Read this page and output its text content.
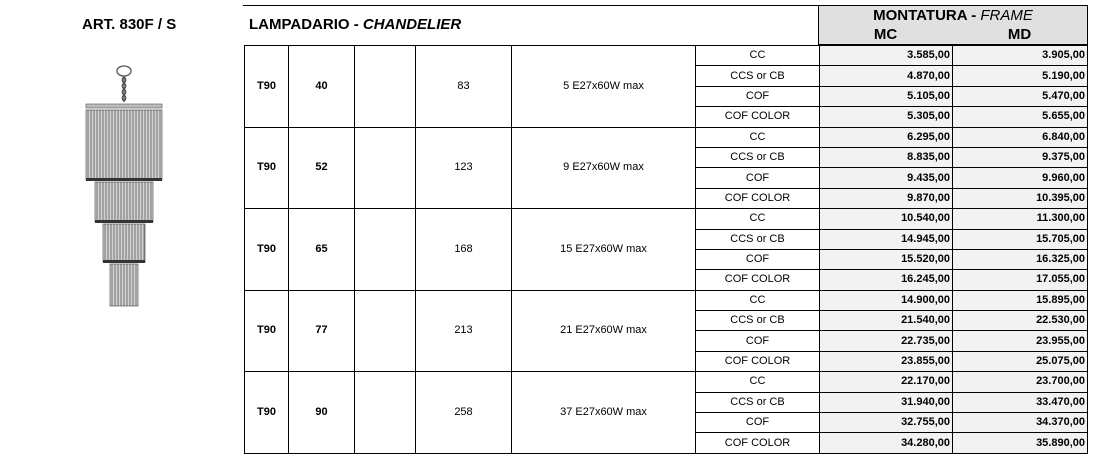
ART. 830F / S	LAMPADARIO - CHANDELIER
MONTATURA - FRAME
MC	MD
T90	40		83	5 E27x60W max	CC	3.585,00	3.905,00
					CCS or CB	4.870,00	5.190,00
					COF	5.105,00	5.470,00
					COF COLOR	5.305,00	5.655,00
T90	52		123	9 E27x60W max	CC	6.295,00	6.840,00
					CCS or CB	8.835,00	9.375,00
					COF	9.435,00	9.960,00
					COF COLOR	9.870,00	10.395,00
T90	65		168	15 E27x60W max	CC	10.540,00	11.300,00
					CCS or CB	14.945,00	15.705,00
					COF	15.520,00	16.325,00
					COF COLOR	16.245,00	17.055,00
T90	77		213	21 E27x60W max	CC	14.900,00	15.895,00
					CCS or CB	21.540,00	22.530,00
					COF	22.735,00	23.955,00
					COF COLOR	23.855,00	25.075,00
T90	90		258	37 E27x60W max	CC	22.170,00	23.700,00
					CCS or CB	31.940,00	33.470,00
					COF	32.755,00	34.370,00
					COF COLOR	34.280,00	35.890,00
